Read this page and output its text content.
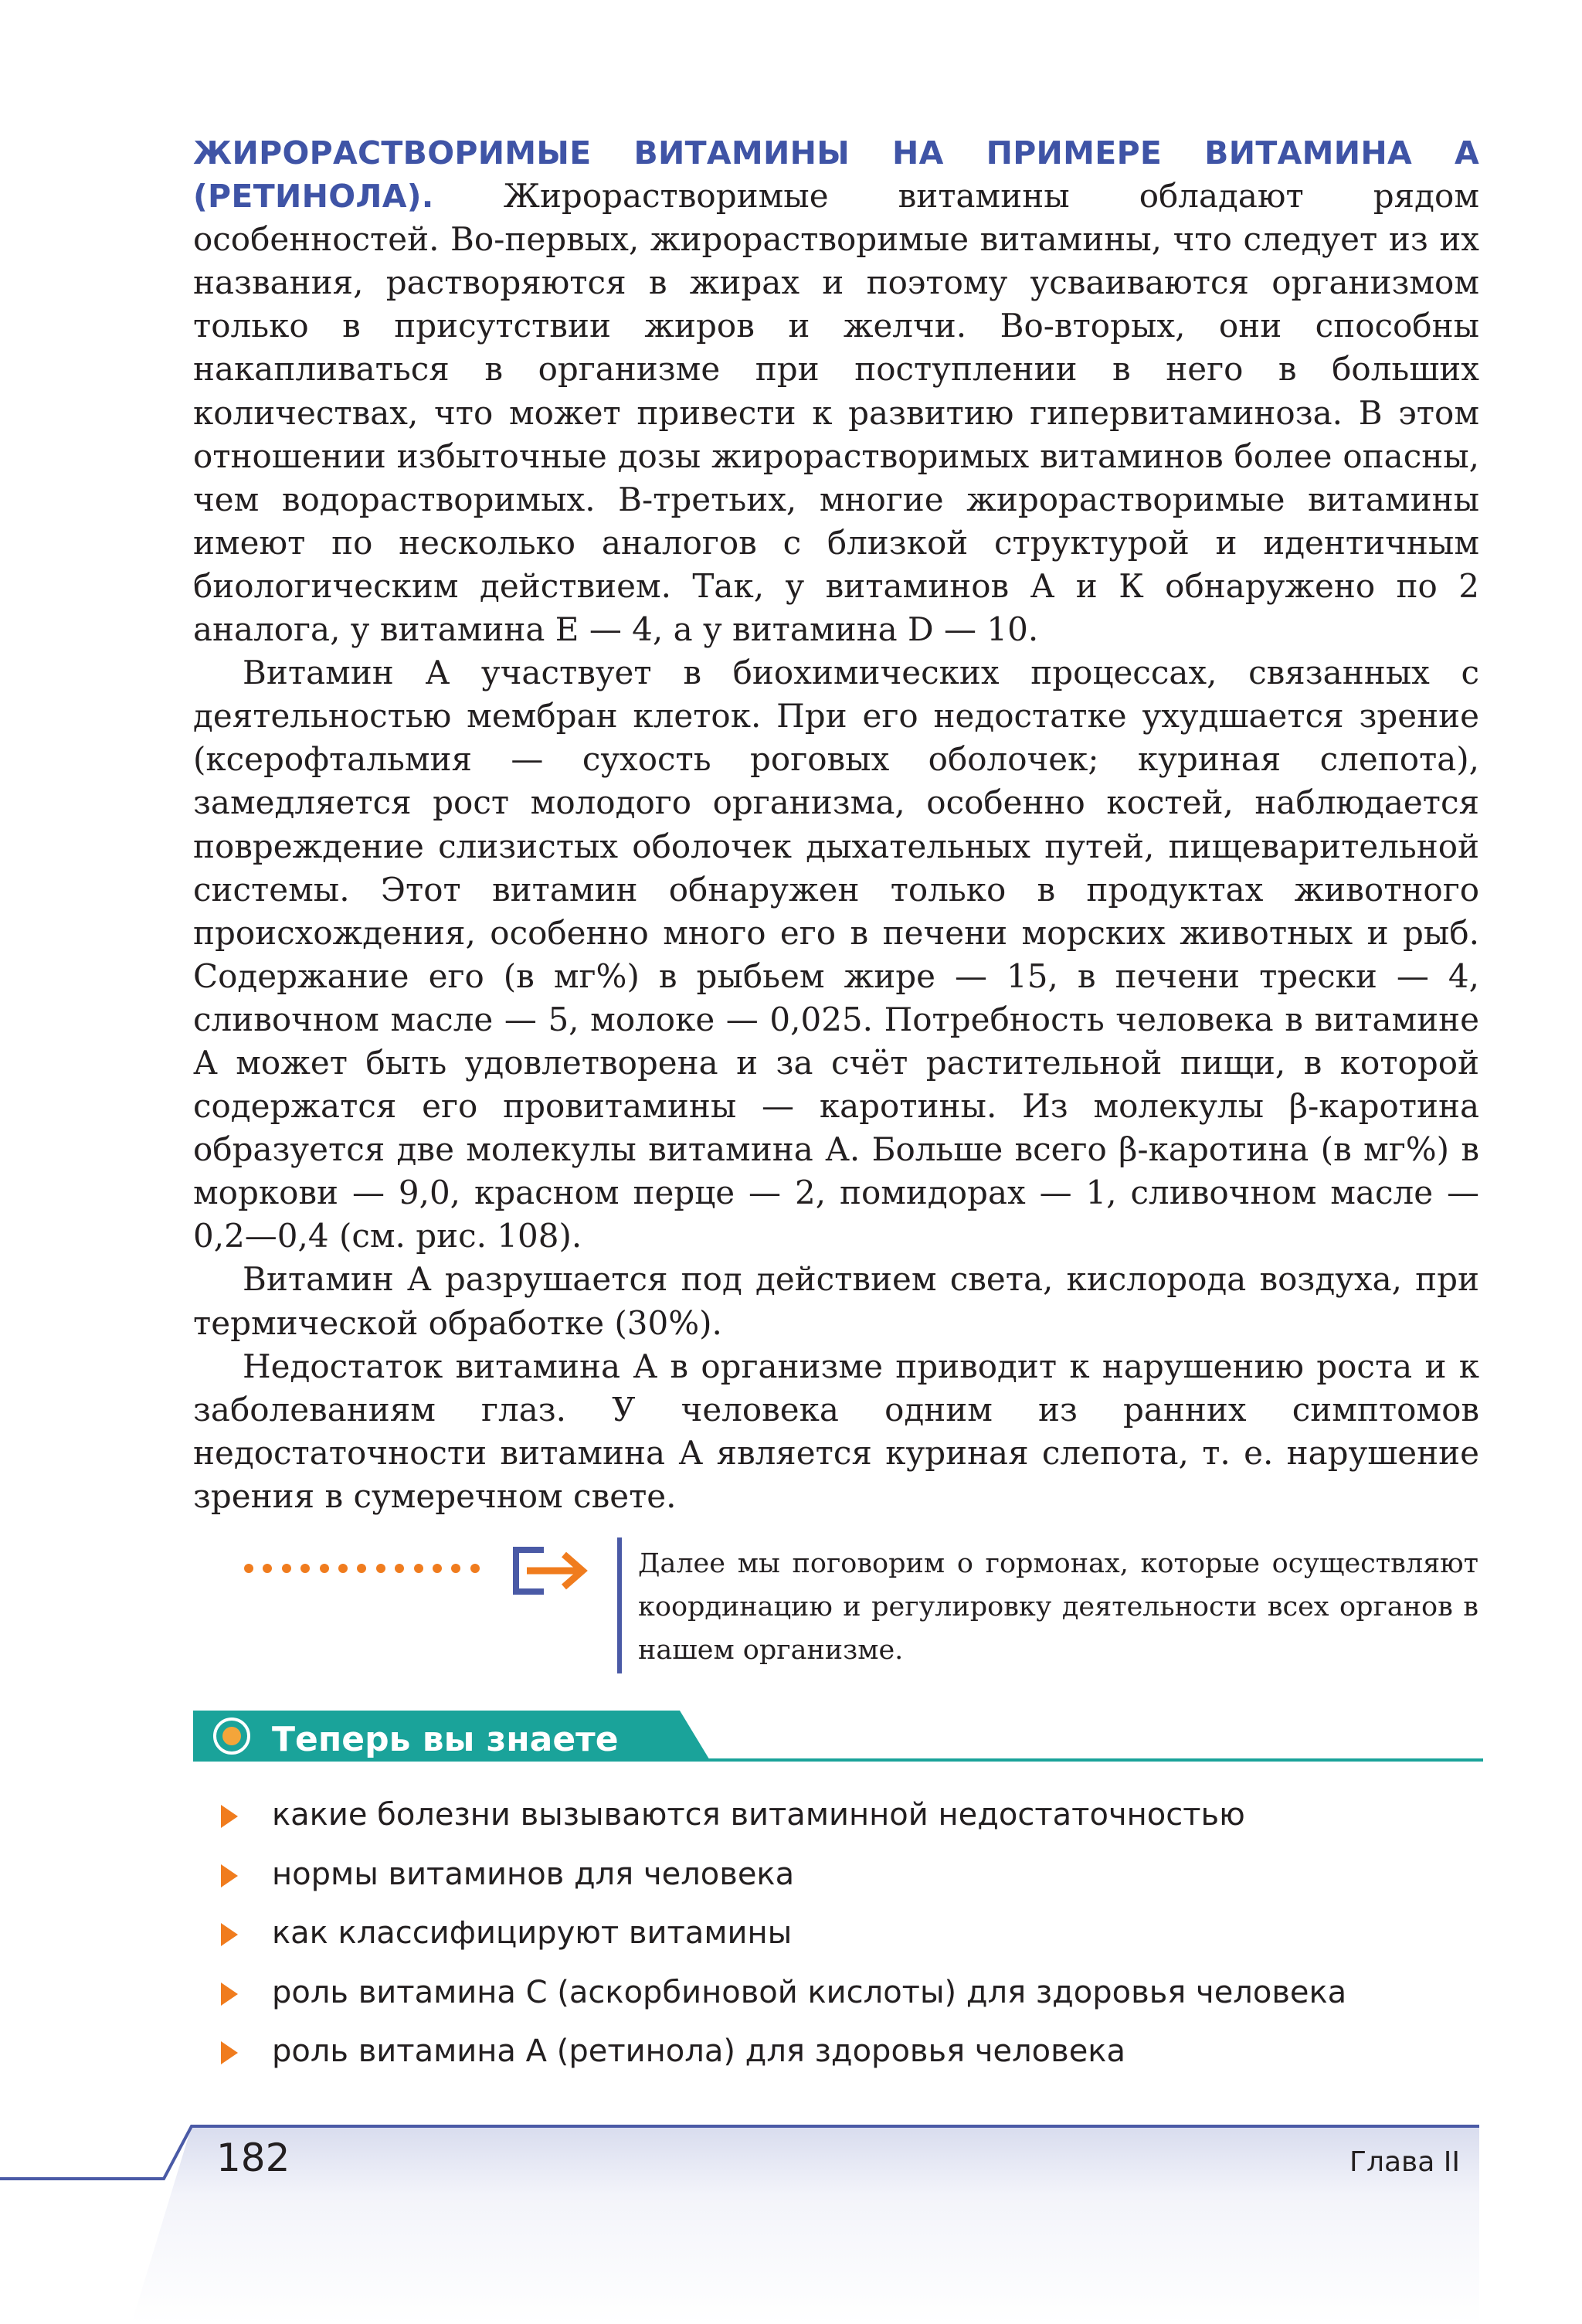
ЖИРОРАСТВОРИМЫЕ ВИТАМИНЫ НА ПРИМЕРЕ ВИТАМИНА А (РЕТИНОЛА). Жирорастворимые витамины обладают рядом особенностей. Во-первых, жирорастворимые витамины, что следует из их названия, растворяются в жирах и поэтому усваиваются организмом только в присутствии жиров и желчи. Во-вторых, они способны накапливаться в организме при поступлении в него в больших количествах, что может привести к развитию гипервитаминоза. В этом отношении избыточные дозы жирорастворимых витаминов более опасны, чем водорастворимых. В-третьих, многие жирорастворимые витамины имеют по несколько аналогов с близкой структурой и идентичным биологическим действием. Так, у витаминов А и К обнаружено по 2 аналога, у витамина Е — 4, а у витамина D — 10.

Витамин А участвует в биохимических процессах, связанных с деятельностью мембран клеток. При его недостатке ухудшается зрение (ксерофтальмия — сухость роговых оболочек; куриная слепота), замедляется рост молодого организма, особенно костей, наблюдается повреждение слизистых оболочек дыхательных путей, пищеварительной системы. Этот витамин обнаружен только в продуктах животного происхождения, особенно много его в печени морских животных и рыб. Содержание его (в мг%) в рыбьем жире — 15, в печени трески — 4, сливочном масле — 5, молоке — 0,025. Потребность человека в витамине А может быть удовлетворена и за счёт растительной пищи, в которой содержатся его провитамины — каротины. Из молекулы β-каротина образуется две молекулы витамина А. Больше всего β-каротина (в мг%) в моркови — 9,0, красном перце — 2, помидорах — 1, сливочном масле — 0,2—0,4 (см. рис. 108).

Витамин А разрушается под действием света, кислорода воздуха, при термической обработке (30%).

Недостаток витамина А в организме приводит к нарушению роста и к заболеваниям глаз. У человека одним из ранних симптомов недостаточности витамина А является куриная слепота, т. е. нарушение зрения в сумеречном свете.

Далее мы поговорим о гормонах, которые осуществляют координацию и регулировку деятельности всех органов в нашем организме.
Теперь вы знаете
какие болезни вызываются витаминной недостаточностью
нормы витаминов для человека
как классифицируют витамины
роль витамина С (аскорбиновой кислоты) для здоровья человека
роль витамина А (ретинола) для здоровья человека
182	Глава II
